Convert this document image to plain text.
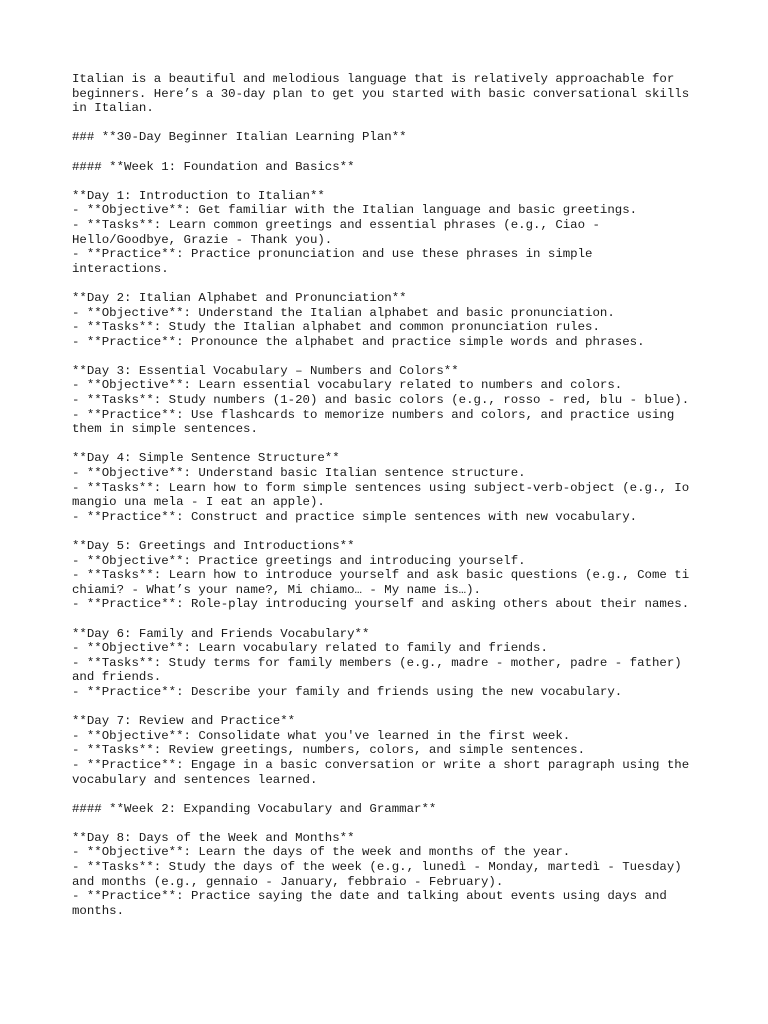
Italian is a beautiful and melodious language that is relatively approachable for
beginners. Here’s a 30-day plan to get you started with basic conversational skills
in Italian.
### **30-Day Beginner Italian Learning Plan**
#### **Week 1: Foundation and Basics**
**Day 1: Introduction to Italian**
- **Objective**: Get familiar with the Italian language and basic greetings.
- **Tasks**: Learn common greetings and essential phrases (e.g., Ciao -
Hello/Goodbye, Grazie - Thank you).
- **Practice**: Practice pronunciation and use these phrases in simple
interactions.
**Day 2: Italian Alphabet and Pronunciation**
- **Objective**: Understand the Italian alphabet and basic pronunciation.
- **Tasks**: Study the Italian alphabet and common pronunciation rules.
- **Practice**: Pronounce the alphabet and practice simple words and phrases.
**Day 3: Essential Vocabulary – Numbers and Colors**
- **Objective**: Learn essential vocabulary related to numbers and colors.
- **Tasks**: Study numbers (1-20) and basic colors (e.g., rosso - red, blu - blue).
- **Practice**: Use flashcards to memorize numbers and colors, and practice using
them in simple sentences.
**Day 4: Simple Sentence Structure**
- **Objective**: Understand basic Italian sentence structure.
- **Tasks**: Learn how to form simple sentences using subject-verb-object (e.g., Io
mangio una mela - I eat an apple).
- **Practice**: Construct and practice simple sentences with new vocabulary.
**Day 5: Greetings and Introductions**
- **Objective**: Practice greetings and introducing yourself.
- **Tasks**: Learn how to introduce yourself and ask basic questions (e.g., Come ti
chiami? - What’s your name?, Mi chiamo… - My name is…).
- **Practice**: Role-play introducing yourself and asking others about their names.
**Day 6: Family and Friends Vocabulary**
- **Objective**: Learn vocabulary related to family and friends.
- **Tasks**: Study terms for family members (e.g., madre - mother, padre - father)
and friends.
- **Practice**: Describe your family and friends using the new vocabulary.
**Day 7: Review and Practice**
- **Objective**: Consolidate what you've learned in the first week.
- **Tasks**: Review greetings, numbers, colors, and simple sentences.
- **Practice**: Engage in a basic conversation or write a short paragraph using the
vocabulary and sentences learned.
#### **Week 2: Expanding Vocabulary and Grammar**
**Day 8: Days of the Week and Months**
- **Objective**: Learn the days of the week and months of the year.
- **Tasks**: Study the days of the week (e.g., lunedì - Monday, martedì - Tuesday)
and months (e.g., gennaio - January, febbraio - February).
- **Practice**: Practice saying the date and talking about events using days and
months.
